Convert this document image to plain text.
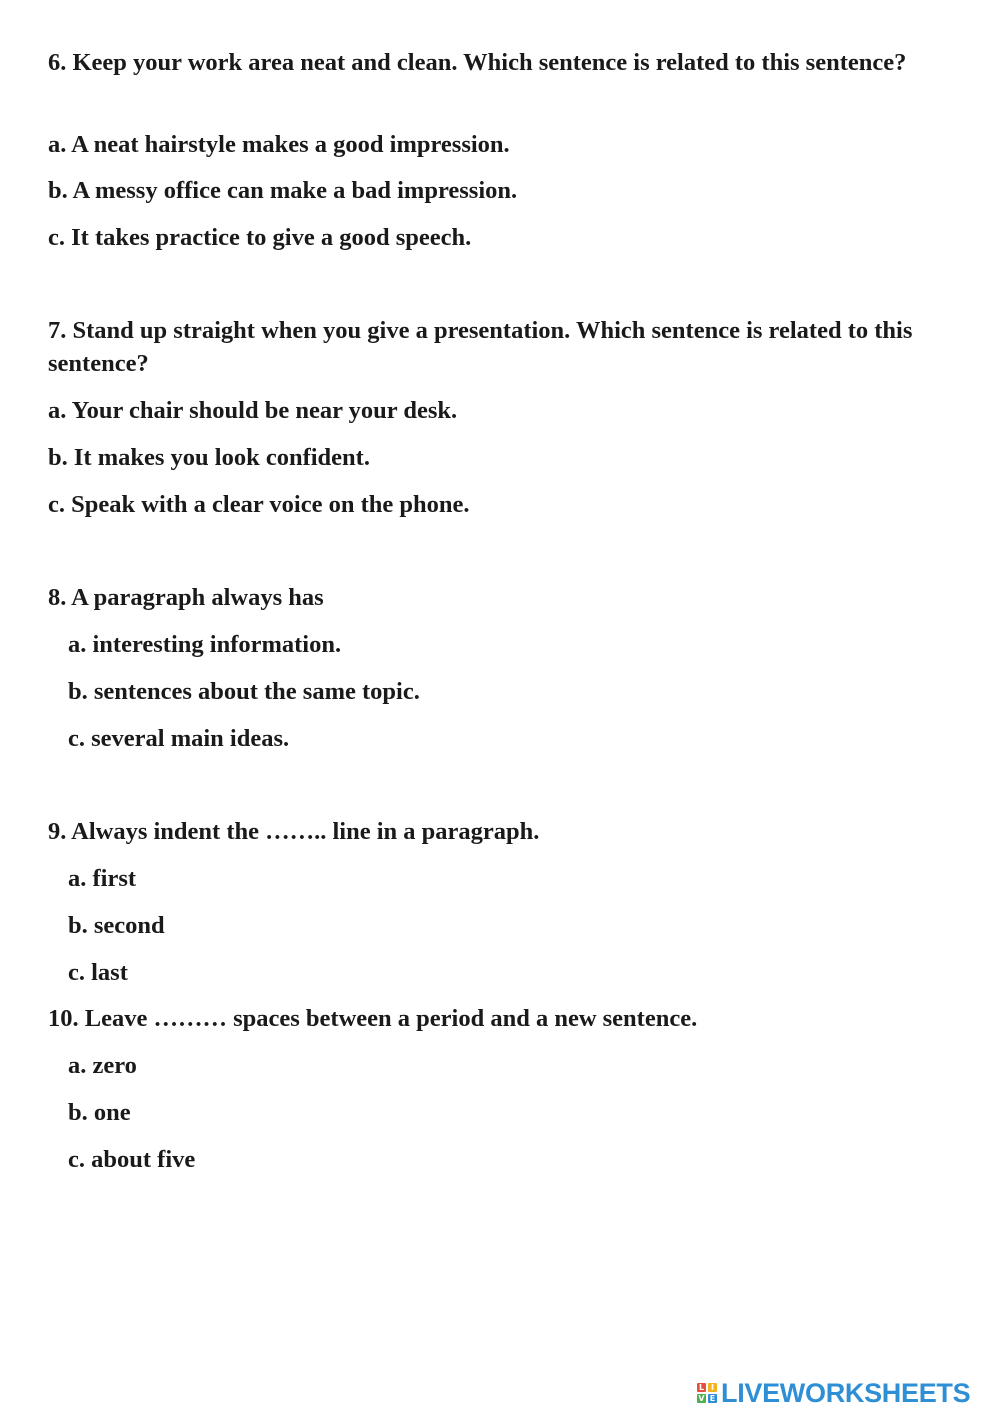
6. Keep your work area neat and clean. Which sentence is related to this sentence?
a. A neat hairstyle makes a good impression.
b. A messy office can make a bad impression.
c. It takes practice to give a good speech.
7. Stand up straight when you give a presentation. Which sentence is related to this sentence?
a. Your chair should be near your desk.
b. It makes you look confident.
c. Speak with a clear voice on the phone.
8. A paragraph always has
a. interesting information.
b. sentences about the same topic.
c. several main ideas.
9. Always indent the …….. line in a paragraph.
a. first
b. second
c. last
10. Leave ……… spaces between a period and a new sentence.
a. zero
b. one
c. about five
L I
V E LIVEWORKSHEETS
